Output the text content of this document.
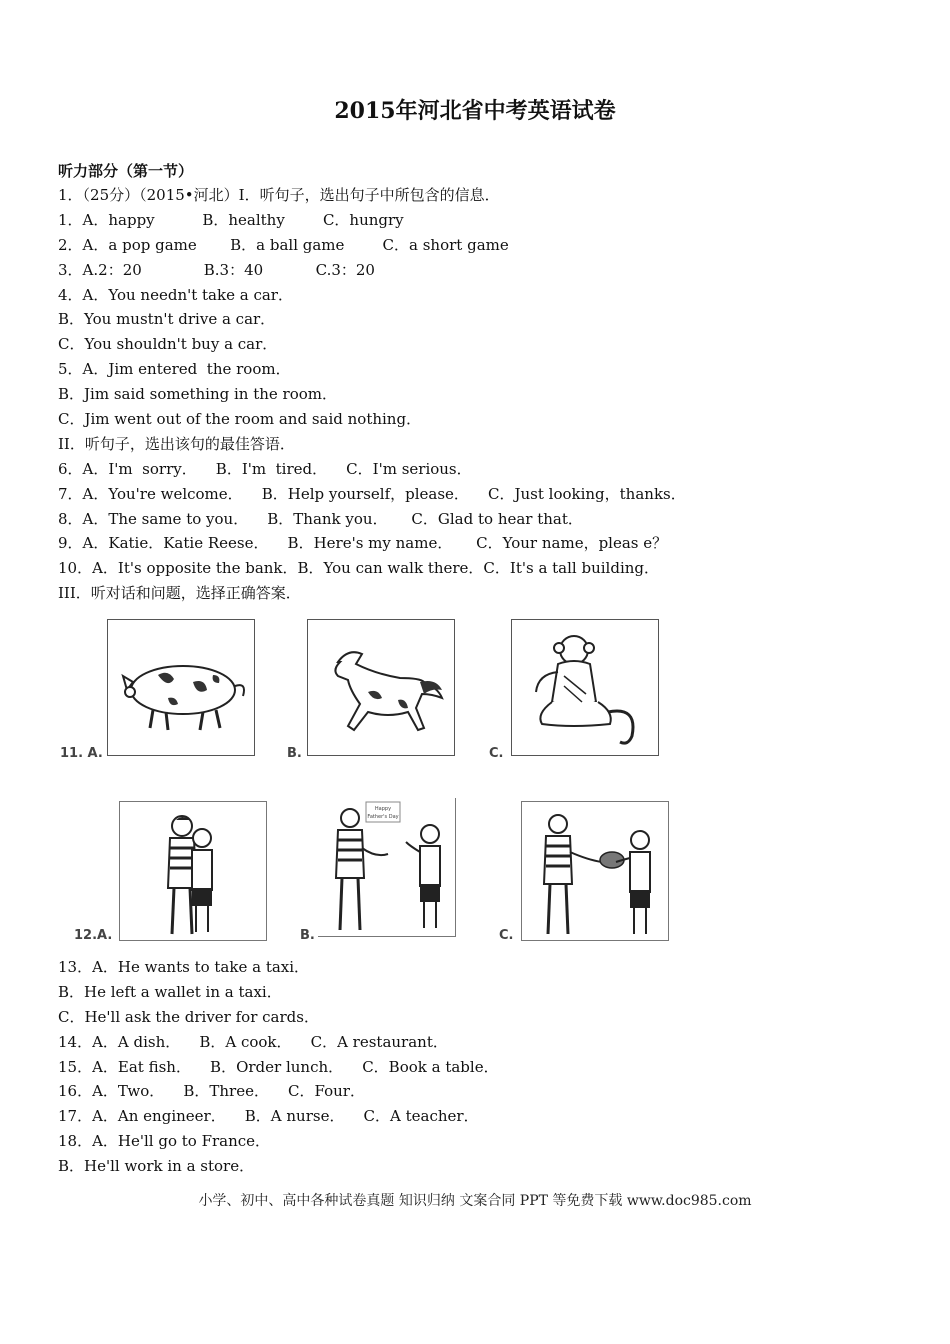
2015年河北省中考英语试卷
听力部分（第一节）
1．（25分）（2015•河北）I．听句子，选出句子中所包含的信息．
1．A．happy          B．healthy        C．hungry
2．A．a pop game       B．a ball game        C．a short game
3．A.2：20             B.3：40           C.3：20
4．A．You needn't take a car．
B．You mustn't drive a car．
C．You shouldn't buy a car．
5．A．Jim entered  the room．
B．Jim said something in the room．
C．Jim went out of the room and said nothing．
II．听句子，选出该句的最佳答语．
6．A．I'm  sorry．    B．I'm  tired．    C．I'm serious．
7．A．You're welcome．    B．Help yourself，please．    C．Just looking，thanks．
8．A．The same to you．    B．Thank you．     C．Glad to hear that．
9．A．Katie．Katie Reese．    B．Here's my name．     C．Your name，pleas e？
10．A．It's opposite the bank．B．You can walk there．C．It's a tall building．
III．听对话和问题，选择正确答案．
11. A.	B.	C.
12.A.
Happy
Father's Day
B.	C.
13．A．He wants to take a taxi．
B．He left a wallet in a taxi．
C．He'll ask the driver for cards．
14．A．A dish．    B．A cook．    C．A restaurant．
15．A．Eat fish．    B．Order lunch．    C．Book a table．
16．A．Two．    B．Three．    C．Four．
17．A．An engineer．    B．A nurse．    C．A teacher．
18．A．He'll go to France．
B．He'll work in a store．
小学、初中、高中各种试卷真题 知识归纳 文案合同 PPT 等免费下载 www.doc985.com
